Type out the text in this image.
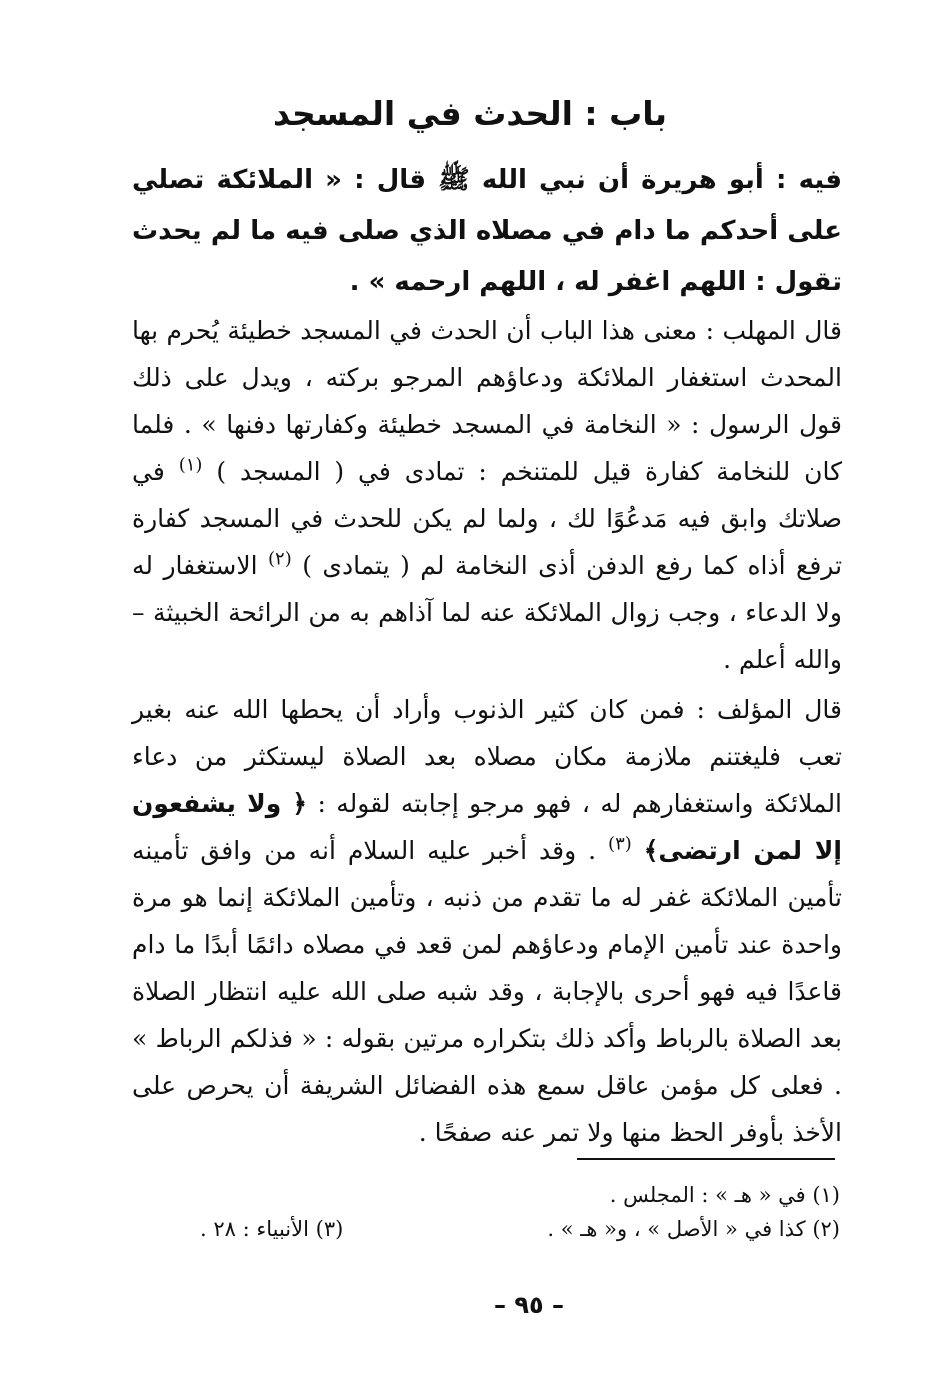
باب : الحدث في المسجد

فيه : أبو هريرة أن نبي الله ﷺ قال : « الملائكة تصلي على أحدكم ما دام في مصلاه الذي صلى فيه ما لم يحدث تقول : اللهم اغفر له ، اللهم ارحمه » .

قال المهلب : معنى هذا الباب أن الحدث في المسجد خطيئة يُحرم بها المحدث استغفار الملائكة ودعاؤهم المرجو بركته ، ويدل على ذلك قول الرسول : « النخامة في المسجد خطيئة وكفارتها دفنها » . فلما كان للنخامة كفارة قيل للمتنخم : تمادى في ( المسجد ) $^{(١)}$ في صلاتك وابق فيه مَدعُوًا لك ، ولما لم يكن للحدث في المسجد كفارة ترفع أذاه كما رفع الدفن أذى النخامة لم ( يتمادى ) $^{(٢)}$ الاستغفار له ولا الدعاء ، وجب زوال الملائكة عنه لما آذاهم به من الرائحة الخبيثة – والله أعلم .

قال المؤلف : فمن كان كثير الذنوب وأراد أن يحطها الله عنه بغير تعب فليغتنم ملازمة مكان مصلاه بعد الصلاة ليستكثر من دعاء الملائكة واستغفارهم له ، فهو مرجو إجابته لقوله : ﴿ ولا يشفعون إلا لمن ارتضى﴾ $^{(٣)}$ . وقد أخبر عليه السلام أنه من وافق تأمينه تأمين الملائكة غفر له ما تقدم من ذنبه ، وتأمين الملائكة إنما هو مرة واحدة عند تأمين الإمام ودعاؤهم لمن قعد في مصلاه دائمًا أبدًا ما دام قاعدًا فيه فهو أحرى بالإجابة ، وقد شبه صلى الله عليه انتظار الصلاة بعد الصلاة بالرباط وأكد ذلك بتكراره مرتين بقوله : « فذلكم الرباط » . فعلى كل مؤمن عاقل سمع هذه الفضائل الشريفة أن يحرص على الأخذ بأوفر الحظ منها ولا تمر عنه صفحًا .

(١) في « هـ » : المجلس .
(٢) كذا في « الأصل » ، و« هـ » .
(٣) الأنبياء : ٢٨ .
– ٩٥ –
